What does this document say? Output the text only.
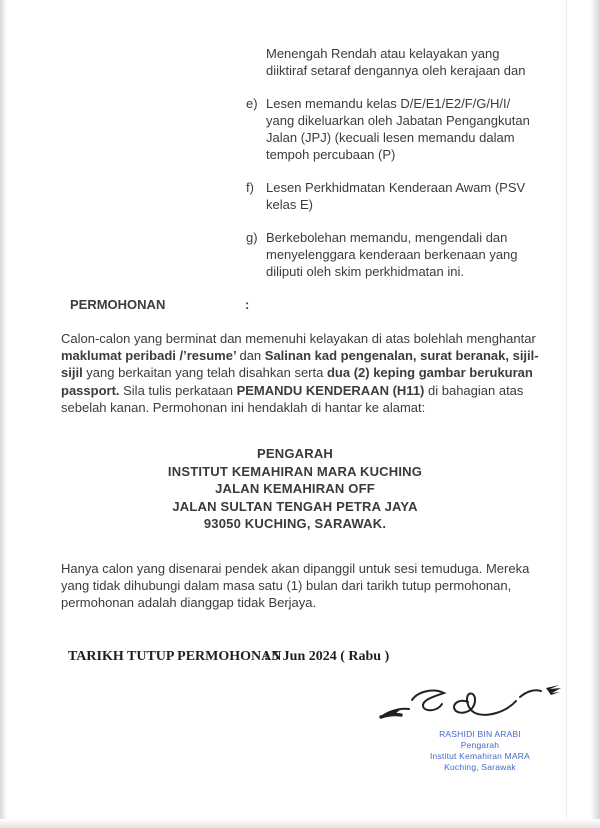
Menengah Rendah atau kelayakan yang
diiktiraf setaraf dengannya oleh kerajaan dan
e) Lesen memandu kelas D/E/E1/E2/F/G/H/I/
yang dikeluarkan oleh Jabatan Pengangkutan
Jalan (JPJ) (kecuali lesen memandu dalam
tempoh percubaan (P)
f) Lesen Perkhidmatan Kenderaan Awam (PSV
kelas E)
g) Berkebolehan memandu, mengendali dan
menyelenggara kenderaan berkenaan yang
diliputi oleh skim perkhidmatan ini.
PERMOHONAN	:
Calon-calon yang berminat dan memenuhi kelayakan di atas bolehlah menghantar maklumat peribadi /’resume’ dan Salinan kad pengenalan, surat beranak, sijil-sijil yang berkaitan yang telah disahkan serta dua (2) keping gambar berukuran passport. Sila tulis perkataan PEMANDU KENDERAAN (H11) di bahagian atas sebelah kanan. Permohonan ini hendaklah di hantar ke alamat:
PENGARAH
INSTITUT KEMAHIRAN MARA KUCHING
JALAN KEMAHIRAN OFF
JALAN SULTAN TENGAH PETRA JAYA
93050 KUCHING, SARAWAK.
Hanya calon yang disenarai pendek akan dipanggil untuk sesi temuduga. Mereka yang tidak dihubungi dalam masa satu (1) bulan dari tarikh tutup permohonan, permohonan adalah dianggap tidak Berjaya.
TARIKH TUTUP PERMOHONAN
: 5 Jun 2024 ( Rabu )
RASHIDI BIN ARABI
Pengarah
Institut Kemahiran MARA
Kuching, Sarawak
